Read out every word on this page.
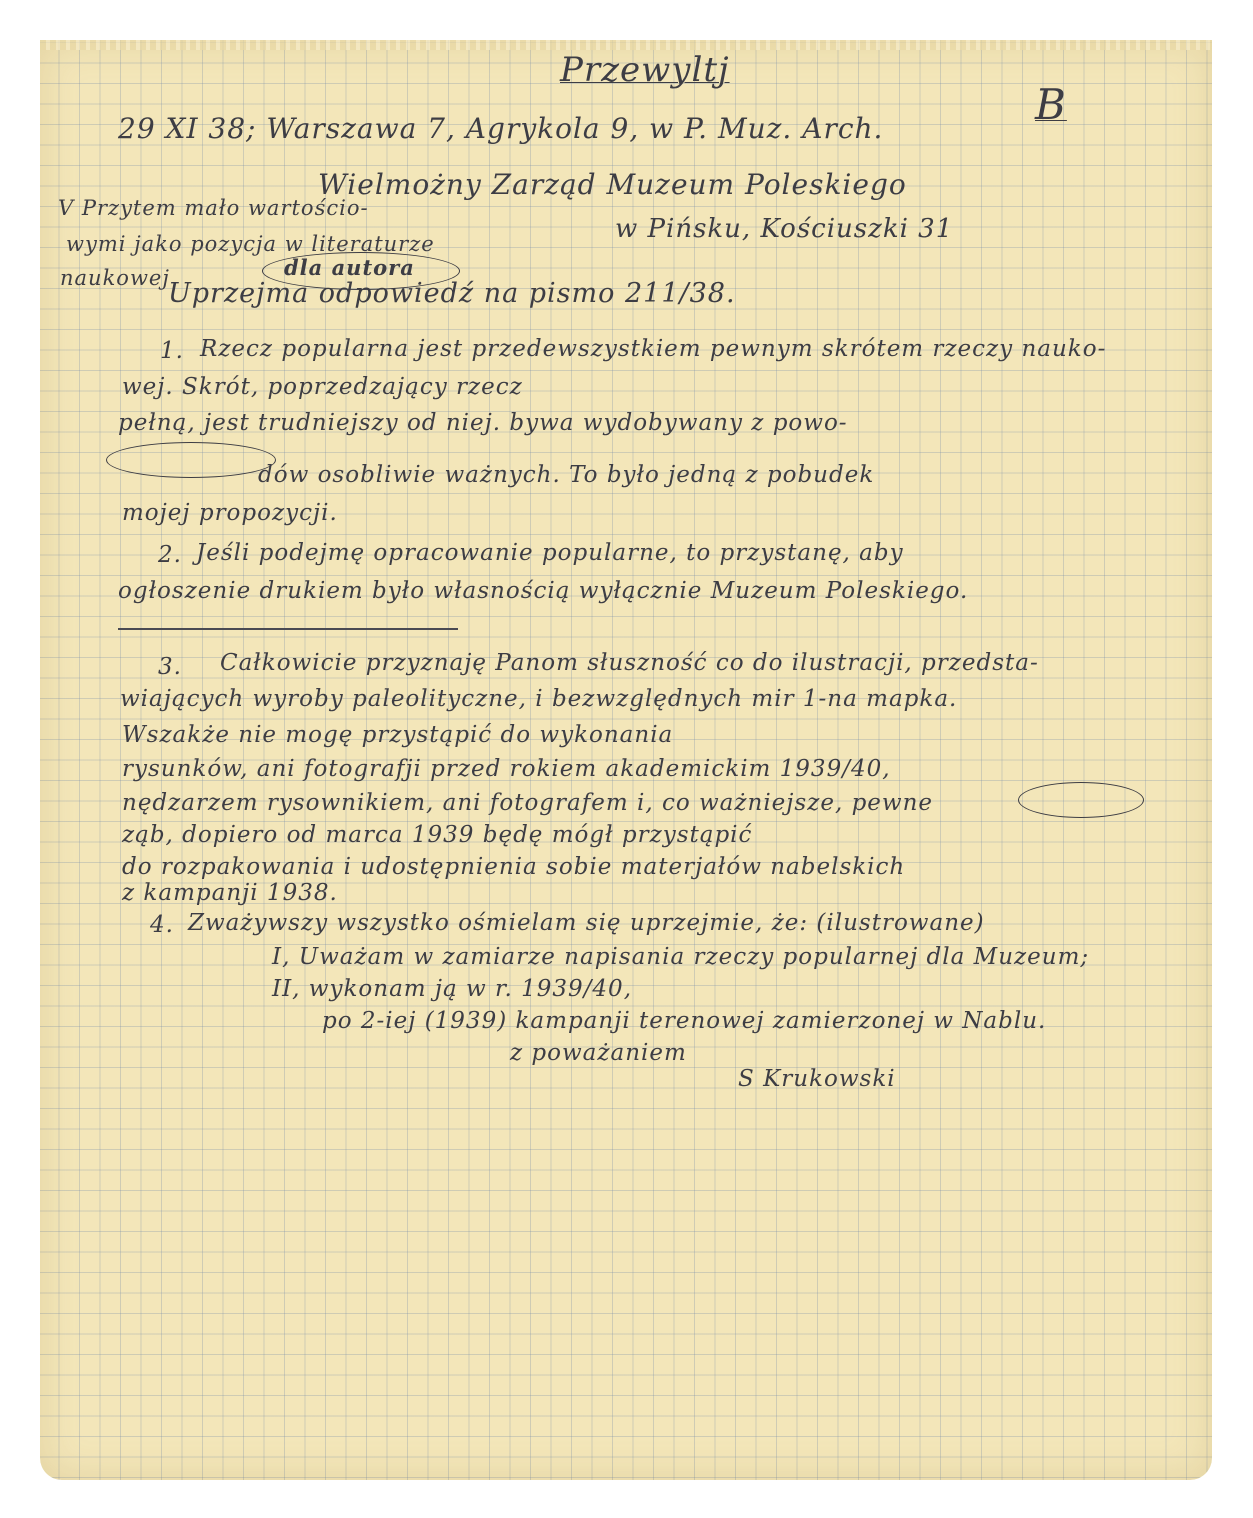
Przewyltj
B
29 XI 38; Warszawa 7, Agrykola 9, w P. Muz. Arch.
Wielmożny Zarząd Muzeum Poleskiego
w Pińsku, Kościuszki 31
V Przytem mało wartościo-
wymi jako pozycja w literaturze
naukowej	dla autora
Uprzejma odpowiedź na pismo 211/38.
1. Rzecz popularna jest przedewszystkiem pewnym skrótem rzeczy nauko-
wej. Skrót, poprzedzający rzecz
pełną, jest trudniejszy od niej. bywa wydobywany z powo-
dów osobliwie ważnych. To było jedną z pobudek
mojej propozycji.
2. Jeśli podejmę opracowanie popularne, to przystanę, aby
ogłoszenie drukiem było własnością wyłącznie Muzeum Poleskiego.
3. Całkowicie przyznaję Panom słuszność co do ilustracji, przedsta-
wiających wyroby paleolityczne, i bezwzględnych mir 1-na mapka.
Wszakże nie mogę przystąpić do wykonania
rysunków, ani fotografji przed rokiem akademickim 1939/40,
nędzarzem rysownikiem, ani fotografem i, co ważniejsze, pewne
ząb, dopiero od marca 1939 będę mógł przystąpić
do rozpakowania i udostępnienia sobie materjałów nabelskich
z kampanji 1938.
4. Zważywszy wszystko ośmielam się uprzejmie, że: (ilustrowane)
I, Uważam w zamiarze napisania rzeczy popularnej dla Muzeum;
II, wykonam ją w r. 1939/40,
po 2-iej (1939) kampanji terenowej zamierzonej w Nablu.
z poważaniem
S Krukowski
